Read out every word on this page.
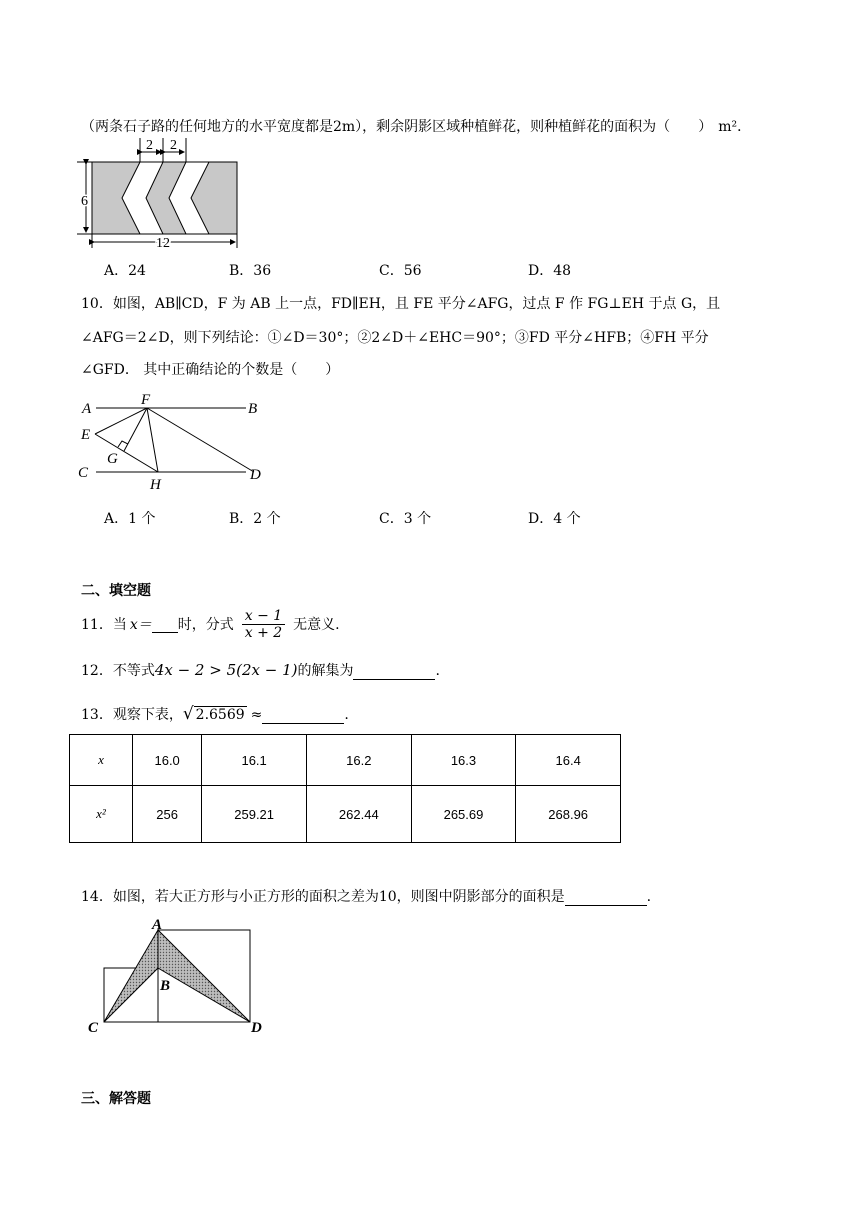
（两条石子路的任何地方的水平宽度都是2m），剩余阴影区域种植鲜花，则种植鲜花的面积为（ ） m²．
2 2
6
12
A．24	B．36	C．56	D．48
10．如图，AB∥CD，F 为 AB 上一点，FD∥EH，且 FE 平分∠AFG，过点 F 作 FG⊥EH 于点 G，且
∠AFG＝2∠D，则下列结论：①∠D＝30°；②2∠D＋∠EHC＝90°；③FD 平分∠HFB；④FH 平分
∠GFD． 其中正确结论的个数是（　　）
A
F
B
E
G
C
H
D
A．1 个	B．2 个	C．3 个	D．4 个
二、填空题
11．当 x＝
时，分式 $\frac{x - 1}{x + 2}$ 无意义.
12．不等式4x − 2 > 5(2x − 1)的解集为	.
13．观察下表，√ 2.6569 ≈	.
x	16.0	16.1	16.2	16.3	16.4
x²	256	259.21	262.44	265.69	268.96
14．如图，若大正方形与小正方形的面积之差为10，则图中阴影部分的面积是	.
A
B
C	D
三、解答题
